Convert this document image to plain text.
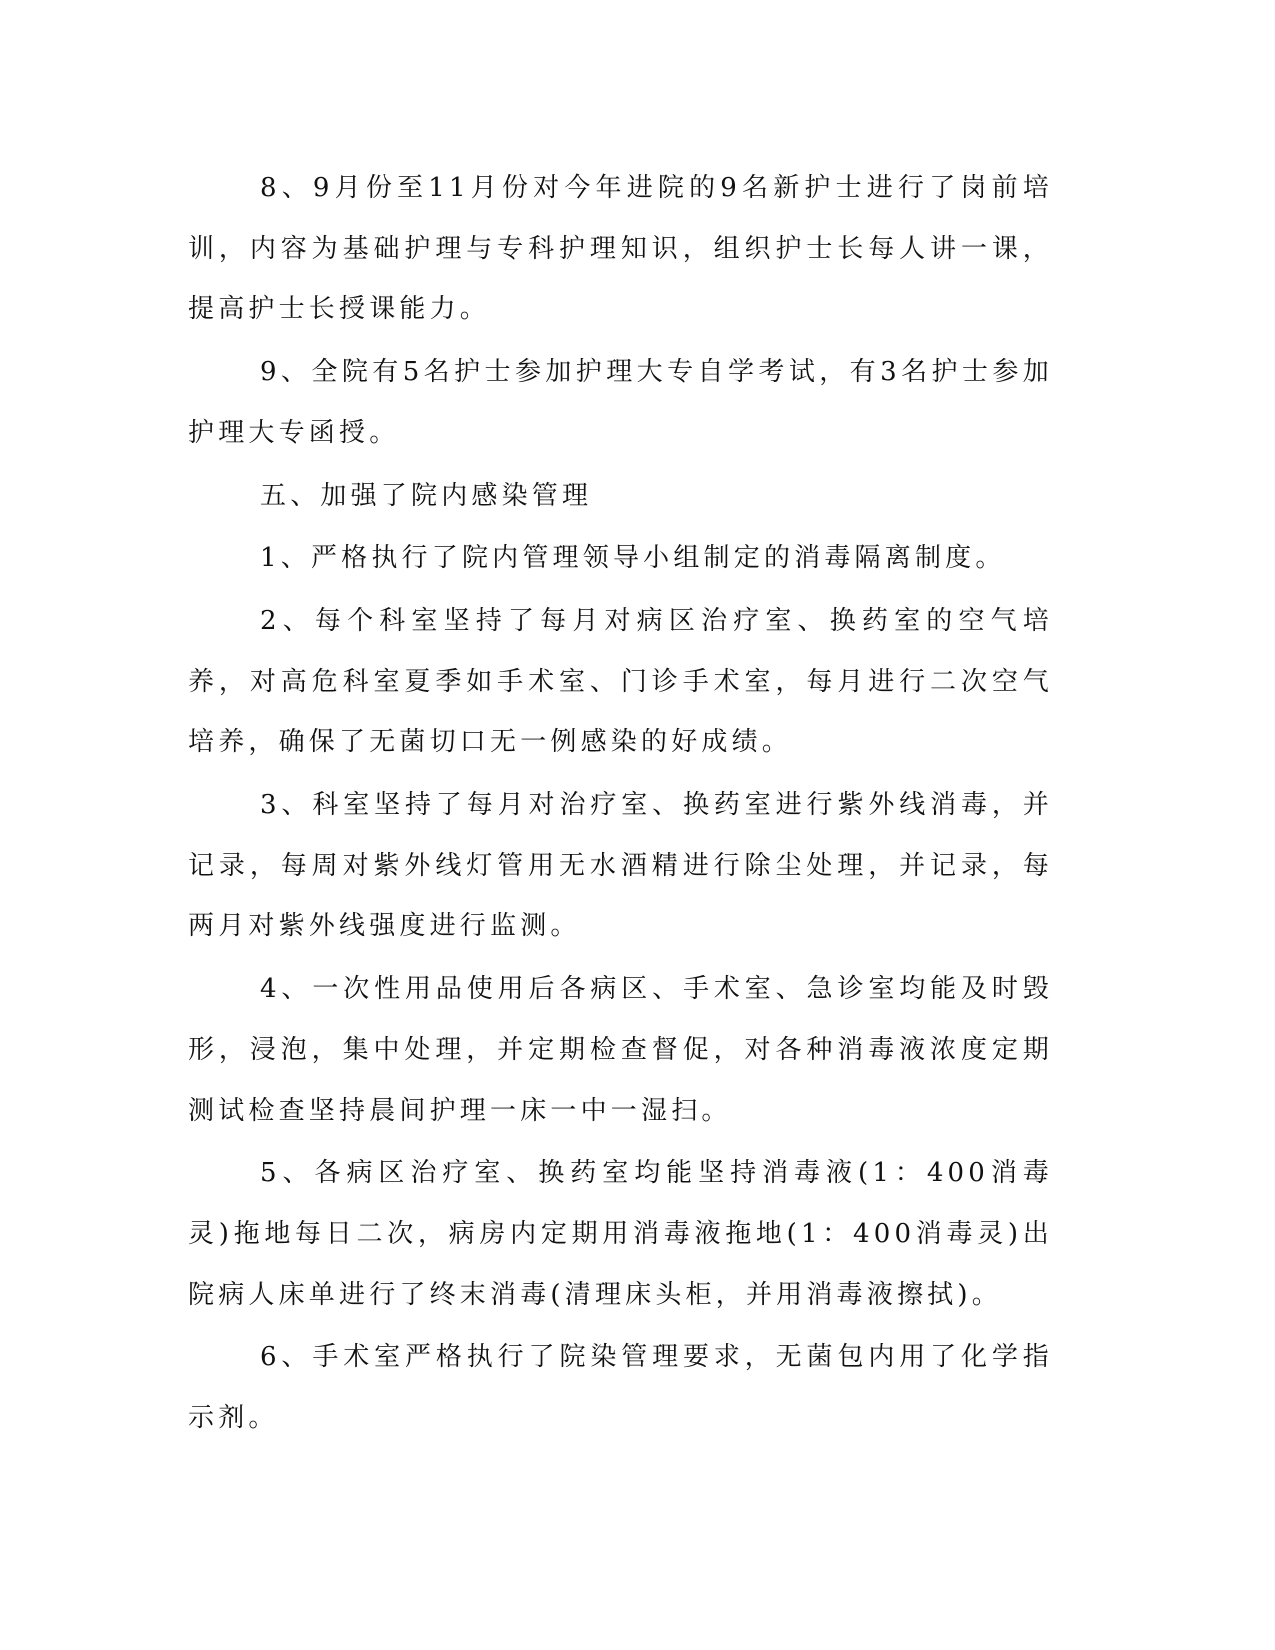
8、9月份至11月份对今年进院的9名新护士进行了岗前培训，内容为基础护理与专科护理知识，组织护士长每人讲一课，提高护士长授课能力。

9、全院有5名护士参加护理大专自学考试，有3名护士参加护理大专函授。

五、加强了院内感染管理

1、严格执行了院内管理领导小组制定的消毒隔离制度。

2、每个科室坚持了每月对病区治疗室、换药室的空气培养，对高危科室夏季如手术室、门诊手术室，每月进行二次空气培养，确保了无菌切口无一例感染的好成绩。

3、科室坚持了每月对治疗室、换药室进行紫外线消毒，并记录，每周对紫外线灯管用无水酒精进行除尘处理，并记录，每两月对紫外线强度进行监测。

4、一次性用品使用后各病区、手术室、急诊室均能及时毁形，浸泡，集中处理，并定期检查督促，对各种消毒液浓度定期测试检查坚持晨间护理一床一中一湿扫。

5、各病区治疗室、换药室均能坚持消毒液(1：400消毒灵)拖地每日二次，病房内定期用消毒液拖地(1：400消毒灵)出院病人床单进行了终末消毒(清理床头柜，并用消毒液擦拭)。

6、手术室严格执行了院染管理要求，无菌包内用了化学指示剂。
